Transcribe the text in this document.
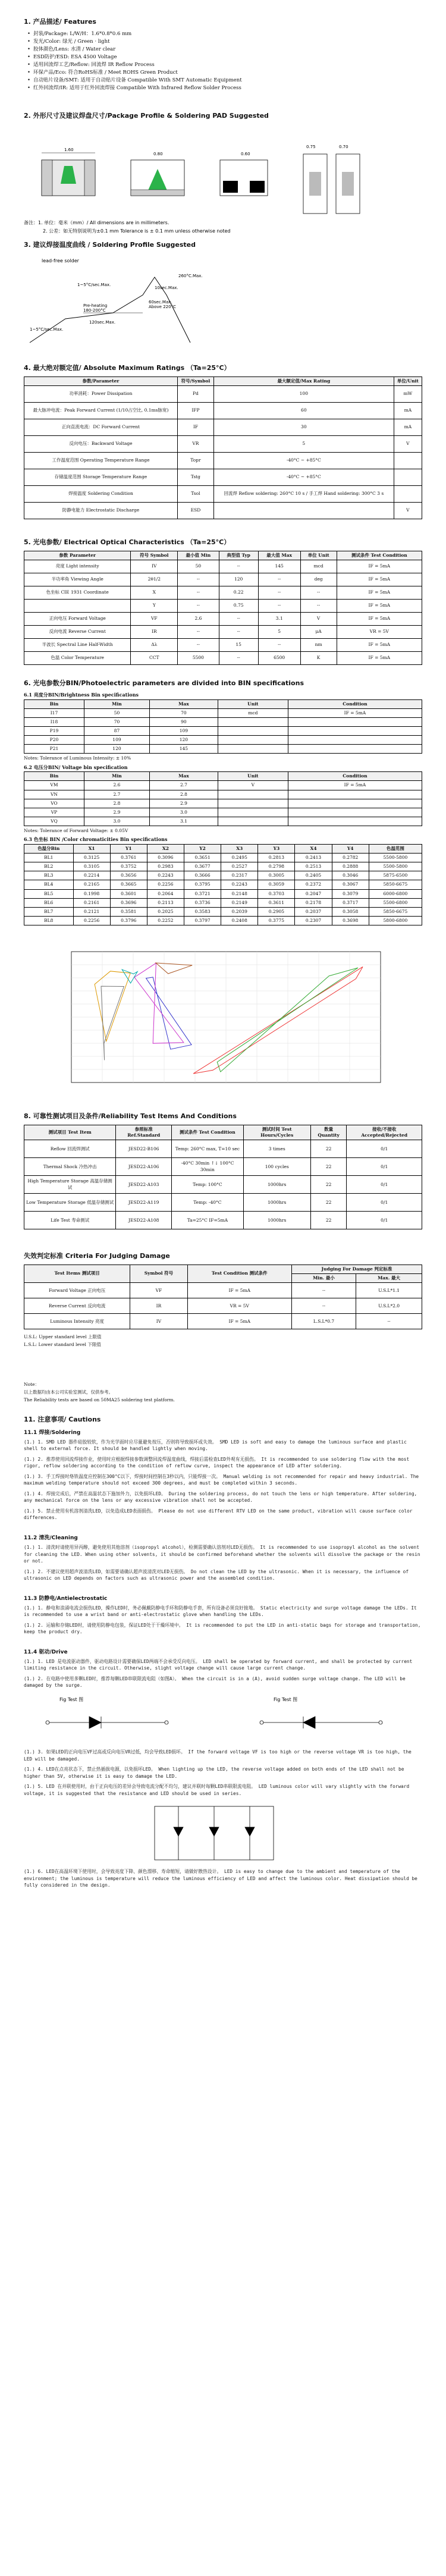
1. 产品描述/ Features
• 封装/Package: L/W/H：1.6*0.8*0.6 mm
• 发光/Color: 绿光 / Green · light
• 胶体颜色/Lens: 水清 / Water clear
• ESD防护/ESD: ESA 4500 Voltage
• 适用回流焊工艺/Reflow: 回流焊 IR Reflow Process
• 环保产品/Eco: 符合RoHS标准 / Meet ROHS Green Product
• 自动贴片设备/SMT: 适用于自动贴片设备 Compatible With SMT Automatic Equipment
• 红外回流焊/IR: 适用于红外回流焊接 Compatible With Infrared Reflow Solder Process
2. 外形尺寸及建议焊盘尺寸/Package Profile & Soldering PAD Suggested
1.60
0.80	0.60
0.75	0.70
备注：1. 单位：毫米（mm）/ All dimensions are in millimeters.
2. 公差：如无特别说明为±0.1 mm Tolerance is ± 0.1 mm unless otherwise noted
3. 建议焊接温度曲线 / Soldering Profile Suggested
lead-free solder
1~5°C/sec.Max.
260°C.Max.
10sec.Max.
Pre-heating
180-200°C
60sec.Max.
Above 220°C
120sec.Max.
1~5°C/sec.Max.
4. 最大绝对额定值/ Absolute Maximum Ratings （Ta=25°C）
参数/Parameter	符号/Symbol	最大额定值/Max Rating	单位/Unit
功率消耗：Power Dissipation	Pd	100	mW
最大脉冲电流：Peak Forward Current (1/10占空比, 0.1ms脉宽)	IFP	60	mA
正向直流电流：DC Forward Current	IF	30	mA
反向电压：Backward Voltage	VR	5	V
工作温度范围 Operating Temperature Range	Topr	-40°C ~ +85°C	
存储温度范围 Storage Temperature Range	Tstg	-40°C ~ +85°C	
焊接温度 Soldering Condition	Tsol	回流焊 Reflow soldering: 260°C 10 s / 手工焊 Hand soldering: 300°C 3 s	
防静电能力 Electrostatic Discharge	ESD		V
5. 光电参数/ Electrical Optical Characteristics （Ta=25°C）
参数 Parameter	符号 Symbol	最小值 Min	典型值 Typ	最大值 Max	单位 Unit	测试条件 Test Condition
亮度 Light intensity	IV	50	--	145	mcd	IF = 5mA
半功率角 Viewing Angle	2θ1/2	--	120	--	deg	IF = 5mA
色坐标 CIE 1931 Coordinate	X	--	0.22	--	--	IF = 5mA
	Y	--	0.75	--	--	IF = 5mA
正向电压 Forward Voltage	VF	2.6	--	3.1	V	IF = 5mA
反向电流 Reverse Current	IR	--	--	5	μA	VR = 5V
半波长 Spectral Line Half-Width	Δλ	--	15	--	nm	IF = 5mA
色温 Color Temperature	CCT	5500	--	6500	K	IF = 5mA
6. 光电参数分BIN/Photoelectric parameters are divided into BIN specifications
6.1 亮度分BIN/Brightness Bin specifications
Bin	Min	Max	Unit	Condition
I17	50	70	mcd	IF = 5mA
I18	70	90		
P19	87	109		
P20	109	120		
P21	120	145		
Notes: Tolerance of Luminous Intensity: ± 10%
6.2 电压分BIN/ Voltage bin specification
Bin	Min	Max	Unit	Condition
VM	2.6	2.7	V	IF = 5mA
VN	2.7	2.8		
VO	2.8	2.9		
VP	2.9	3.0		
VQ	3.0	3.1		
Notes: Tolerance of Forward Voltage: ± 0.05V
6.3 色坐标 BIN /Color chromaticities Bin specifications
色温分Bin	X1	Y1	X2	Y2	X3	Y3	X4	Y4	色温范围
BL1	0.3125	0.3761	0.3096	0.3651	0.2495	0.2813	0.2413	0.2782	5500-5800
BL2	0.3105	0.3752	0.2983	0.3677	0.2527	0.2798	0.2513	0.2888	5500-5800
BL3	0.2214	0.3656	0.2243	0.3666	0.2317	0.3005	0.2405	0.3046	5875-6500
BL4	0.2165	0.3665	0.2256	0.3795	0.2243	0.3059	0.2372	0.3067	5850-6675
BL5	0.1998	0.3601	0.2064	0.3721	0.2148	0.3703	0.2047	0.3079	6000-6800
BL6	0.2161	0.3696	0.2113	0.3736	0.2149	0.3611	0.2178	0.3717	5500-6800
BL7	0.2121	0.3581	0.2025	0.3583	0.2039	0.2905	0.2037	0.3058	5850-6675
BL8	0.2256	0.3796	0.2252	0.3797	0.2408	0.3775	0.2307	0.3698	5800-6800
8. 可靠性测试项目及条件/Reliability Test Items And Conditions
测试项目 Test Item	参照标准 Ref.Standard	测试条件 Test Condition	测试时间 Test Hours/Cycles	数量 Quantity	接收/不接收 Accepted/Rejected
Reflow 回流焊测试	JESD22-B106	Temp: 260°C max, T=10 sec	3 times	22	0/1
Thermal Shock 冷热冲击	JESD22-A106	-40°C 30min ↑↓ 100°C 30min	100 cycles	22	0/1
High Temperature Storage 高温存储测试	JESD22-A103	Temp: 100°C	1000hrs	22	0/1
Low Temperature Storage 低温存储测试	JESD22-A119	Temp: -40°C	1000hrs	22	0/1
Life Test 寿命测试	JESD22-A108	Ta=25°C IF=5mA	1000hrs	22	0/1
失效判定标准 Criteria For Judging Damage
Test Items 测试项目	Symbol 符号	Test Condition 测试条件	Judging For Damage 判定标准	
			Min. 最小	Max. 最大
Forward Voltage 正向电压	VF	IF = 5mA	--	U.S.L*1.1
Reverse Current 反向电流	IR	VR = 5V	--	U.S.L*2.0
Luminous Intensity 亮度	IV	IF = 5mA	L.S.L*0.7	--
U.S.L: Upper standard level 上限值
L.S.L: Lower standard level 下限值
Note：
以上数据均由本公司实验室测试，仅供参考。
The Reliability tests are based on 50MA25 soldering test platform.
11. 注意事项/ Cautions
11.1 焊接/Soldering
(1.) 1. SMD LED 器件硅胶较软，作为光学面时应尽量避免按压，否则将导致损坏或失效。 SMD LED is soft and easy to damage the luminous surface and plastic shell to external force. It should be handled lightly when moving.
(1.) 2. 推荐使用回流焊接作业，使用时应根据焊接参数调整回流焊温度曲线，焊接后需检查LED外观有无损伤。 It is recommended to use soldering flow with the most rigor, reflow soldering according to the condition of reflow curve, inspect the appearance of LED after soldering.
(1.) 3. 手工焊接时烙铁温度应控制在300°C以下，焊接时间控制在3秒以内，只能焊接一次。 Manual welding is not recommended for repair and heavy industrial. The maximum welding temperature should not exceed 300 degrees, and must be completed within 3 seconds.
(1.) 4. 焊接完成后，严禁在高温状态下施加外力，以免损坏LED。 During the soldering process, do not touch the lens or high temperature. After soldering, any mechanical force on the lens or any excessive vibration shall not be accepted.
(1.) 5. 禁止使用有机溶剂清洗LED，以免造成LED表面损伤。 Please do not use different RTV LED on the same product, vibration will cause surface color differences.
11.2 清洗/Cleaning
(1.) 1. 清洗时请使用异丙醇，避免使用其他溶剂（isopropyl alcohol），检测需要确认溶剂对LED无损伤。 It is recommended to use isopropyl alcohol as the solvent for cleaning the LED. When using other solvents, it should be confirmed beforehand whether the solvents will dissolve the package or the resin or not.
(1.) 2. 不建议使用超声波清洗LED，如需要请确认超声波清洗对LED无损伤。 Do not clean the LED by the ultrasonic. When it is necessary, the influence of ultrasonic on LED depends on factors such as ultrasonic power and the assembled condition.
11.3 防静电/Antielectrostatic
(1.) 1. 静电和浪涌电流会损伤LED，操作LED时，务必佩戴防静电手环和防静电手套，所有设备必须良好接地。 Static electricity and surge voltage damage the LEDs. It is recommended to use a wrist band or anti-electrostatic glove when handling the LEDs.
(1.) 2. 运输和存储LED时，请使用防静电包装，保证LED处于干燥环境中。 It is recommended to put the LED in anti-static bags for storage and transportation, keep the product dry.
11.4 驱动/Drive
(1.) 1. LED 是电流驱动器件，驱动电路设计需要确保LED两端不会承受反向电压。 LED shall be operated by forward current, and shall be protected by current limiting resistance in the circuit. Otherwise, slight voltage change will cause large current change.
(1.) 2. 在电路中使用多颗LED时，推荐每颗LED串联限流电阻（如图A）。 When the circuit is in a (A), avoid sudden surge voltage change. The LED will be damaged by the surge.
Fig Test 图	Fig Test 图
(1.) 3. 如果LED的正向电压VF过高或反向电压VR过低，均会导致LED损坏。 If the forward voltage VF is too high or the reverse voltage VR is too high, the LED will be damaged.
(1.) 4. LED在点亮状态下，禁止热插拔电源，以免损坏LED。 When lighting up the LED, the reverse voltage added on both ends of the LED shall not be higher than 5V, otherwise it is easy to damage the LED.
(1.) 5. LED 在并联使用时，由于正向电压的差异会导致电流分配不均匀，建议并联时每颗LED串联限流电阻。 LED luminous color will vary slightly with the forward voltage, it is suggested that the resistance and LED should be used in series.
(1.) 6. LED在高温环境下使用时，会导致亮度下降、颜色漂移、寿命缩短，请做好散热设计。 LED is easy to change due to the ambient and temperature of the environment; the luminous is temperature will reduce the luminous efficiency of LED and affect the luminous color. Heat dissipation should be fully considered in the design.
